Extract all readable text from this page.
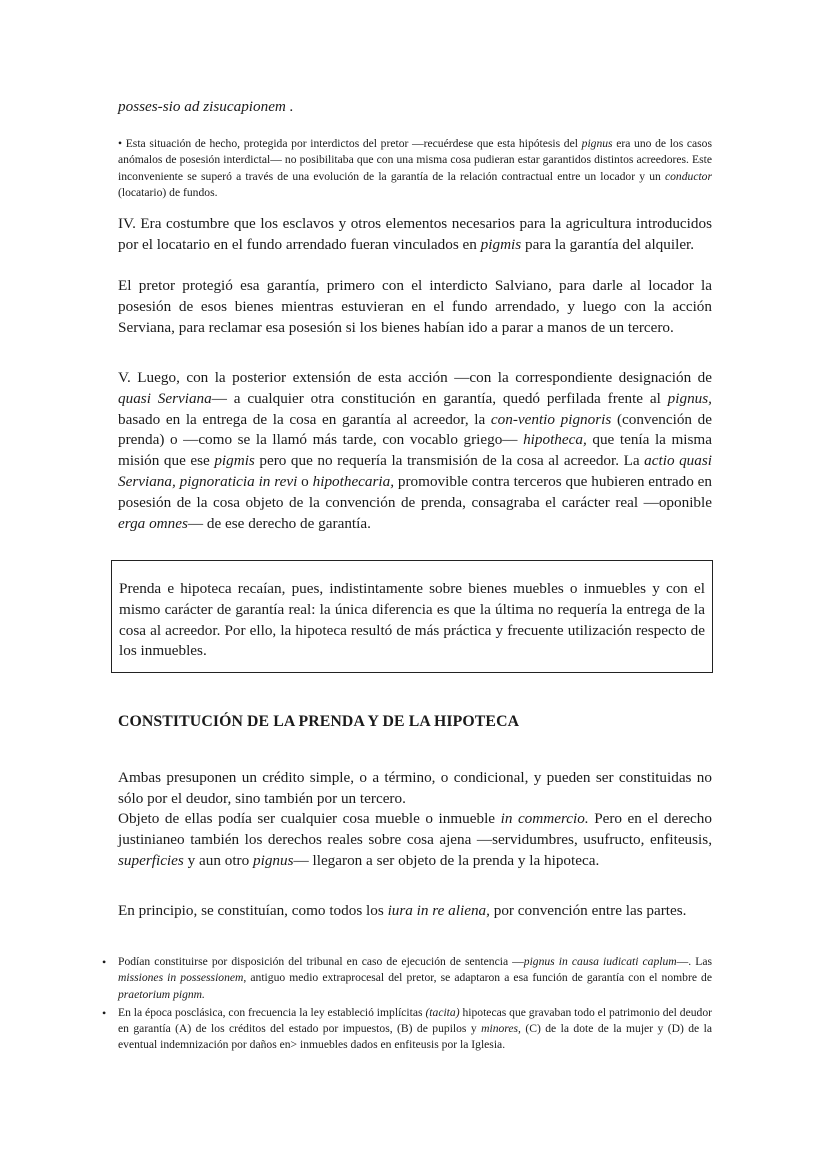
posses-sio ad zisucapionem .

• Esta situación de hecho, protegida por interdictos del pretor —recuérdese que esta hipótesis del pignus era uno de los casos anómalos de posesión interdictal— no posibilitaba que con una misma cosa pudieran estar garantidos distintos acreedores. Este inconveniente se superó a través de una evolución de la garantía de la relación contractual entre un locador y un conductor (locatario) de fundos.

IV. Era costumbre que los esclavos y otros elementos necesarios para la agricultura introducidos por el locatario en el fundo arrendado fueran vinculados en pigmis para la garantía del alquiler.

El pretor protegió esa garantía, primero con el interdicto Salviano, para darle al locador la posesión de esos bienes mientras estuvieran en el fundo arrendado, y luego con la acción Serviana, para reclamar esa posesión si los bienes habían ido a parar a manos de un tercero.

V. Luego, con la posterior extensión de esta acción —con la correspondiente designación de quasi Serviana— a cualquier otra constitución en garantía, quedó perfilada frente al pignus, basado en la entrega de la cosa en garantía al acreedor, la con-ventio pignoris (convención de prenda) o —como se la llamó más tarde, con vocablo griego— hipotheca, que tenía la misma misión que ese pigmis pero que no requería la transmisión de la cosa al acreedor. La actio quasi Serviana, pignoraticia in revi o hipothecaria, promovible contra terceros que hubieren entrado en posesión de la cosa objeto de la convención de prenda, consagraba el carácter real —oponible erga omnes— de ese derecho de garantía.

Prenda e hipoteca recaían, pues, indistintamente sobre bienes muebles o inmuebles y con el mismo carácter de garantía real: la única diferencia es que la última no requería la entrega de la cosa al acreedor. Por ello, la hipoteca resultó de más práctica y frecuente utilización respecto de los inmuebles.

CONSTITUCIÓN DE LA PRENDA Y DE LA HIPOTECA

Ambas presuponen un crédito simple, o a término, o condicional, y pueden ser constituidas no sólo por el deudor, sino también por un tercero.

Objeto de ellas podía ser cualquier cosa mueble o inmueble in commercio. Pero en el derecho justinianeo también los derechos reales sobre cosa ajena —servidumbres, usufructo, enfiteusis, superficies y aun otro pignus— llegaron a ser objeto de la prenda y la hipoteca.

En principio, se constituían, como todos los iura in re aliena, por convención entre las partes.

• Podían constituirse por disposición del tribunal en caso de ejecución de sentencia —pignus in causa iudicati caplum—. Las missiones in possessionem, antiguo medio extraprocesal del pretor, se adaptaron a esa función de garantía con el nombre de praetorium pignm.
• En la época posclásica, con frecuencia la ley estableció implícitas (tacita) hipotecas que gravaban todo el patrimonio del deudor en garantía (A) de los créditos del estado por impuestos, (B) de pupilos y minores, (C) de la dote de la mujer y (D) de la eventual indemnización por daños en> inmuebles dados en enfiteusis por la Iglesia.
